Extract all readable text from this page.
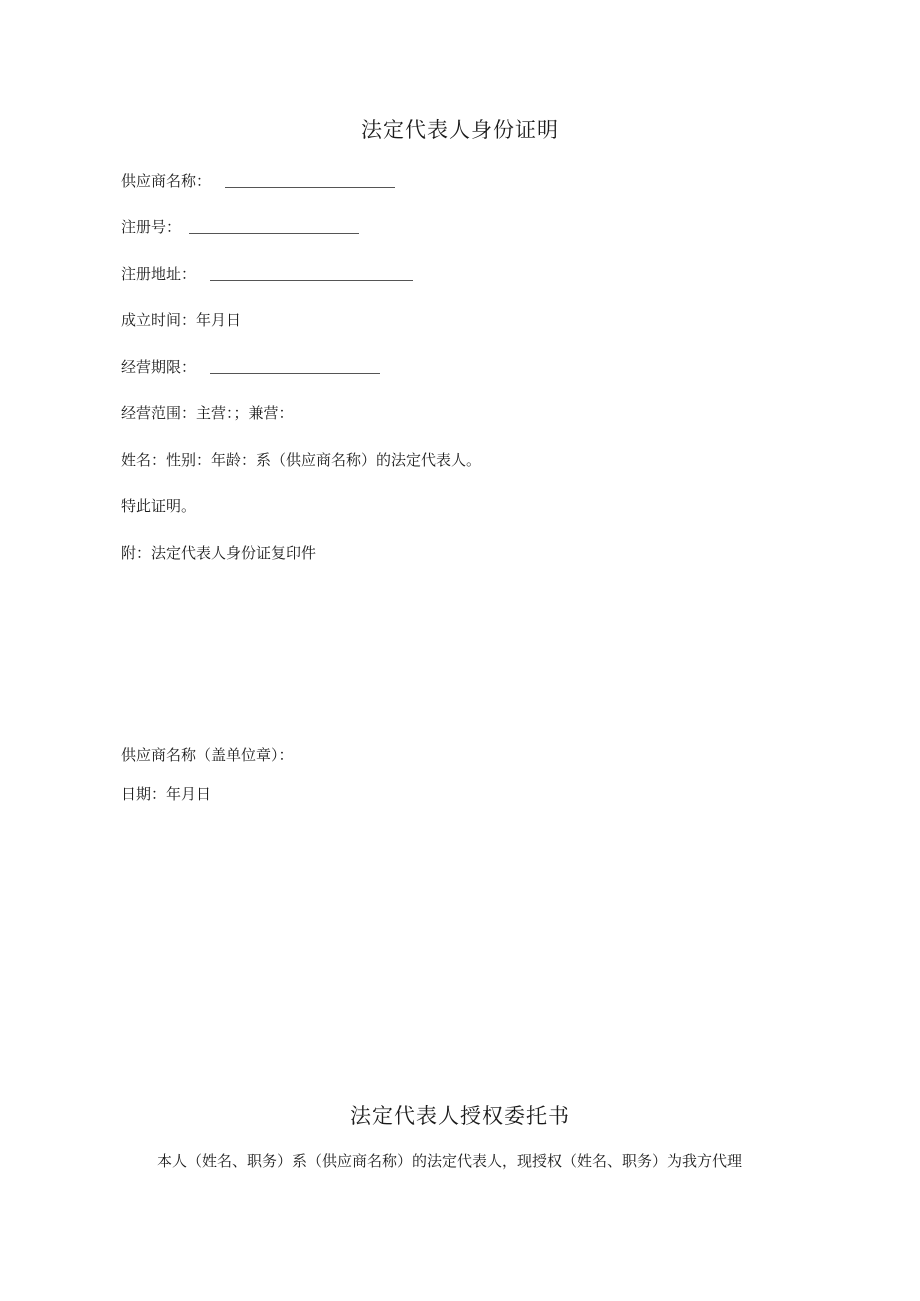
法定代表人身份证明
供应商名称：
注册号：
注册地址：
成立时间：年月日
经营期限：
经营范围：主营：；兼营：
姓名：性别：年龄：系（供应商名称）的法定代表人。
特此证明。
附：法定代表人身份证复印件
供应商名称（盖单位章）：
日期：年月日
法定代表人授权委托书
本人（姓名、职务）系（供应商名称）的法定代表人，现授权（姓名、职务）为我方代理
